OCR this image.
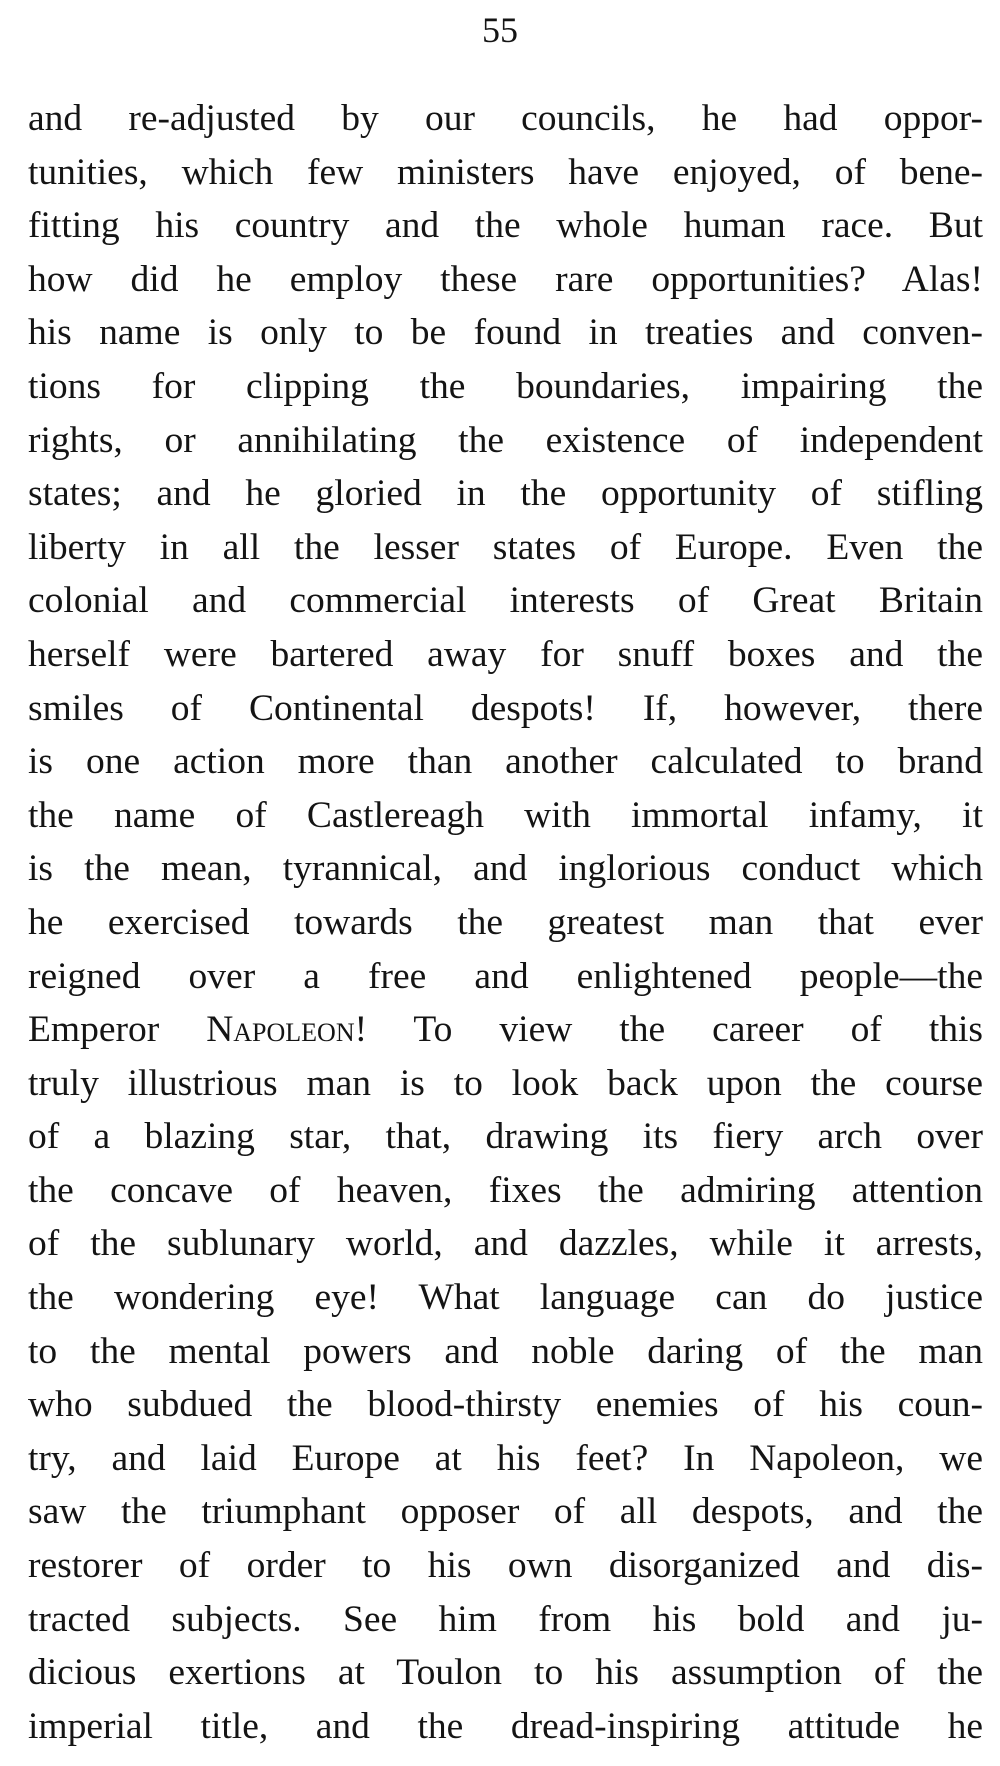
55
and re-adjusted by our councils, he had oppor-
tunities, which few ministers have enjoyed, of bene-
fitting his country and the whole human race. But
how did he employ these rare opportunities? Alas!
his name is only to be found in treaties and conven-
tions for clipping the boundaries, impairing the
rights, or annihilating the existence of independent
states; and he gloried in the opportunity of stifling
liberty in all the lesser states of Europe. Even the
colonial and commercial interests of Great Britain
herself were bartered away for snuff boxes and the
smiles of Continental despots! If, however, there
is one action more than another calculated to brand
the name of Castlereagh with immortal infamy, it
is the mean, tyrannical, and inglorious conduct which
he exercised towards the greatest man that ever
reigned over a free and enlightened people—the
Emperor Napoleon! To view the career of this
truly illustrious man is to look back upon the course
of a blazing star, that, drawing its fiery arch over
the concave of heaven, fixes the admiring attention
of the sublunary world, and dazzles, while it arrests,
the wondering eye! What language can do justice
to the mental powers and noble daring of the man
who subdued the blood-thirsty enemies of his coun-
try, and laid Europe at his feet? In Napoleon, we
saw the triumphant opposer of all despots, and the
restorer of order to his own disorganized and dis-
tracted subjects. See him from his bold and ju-
dicious exertions at Toulon to his assumption of the
imperial title, and the dread-inspiring attitude he
